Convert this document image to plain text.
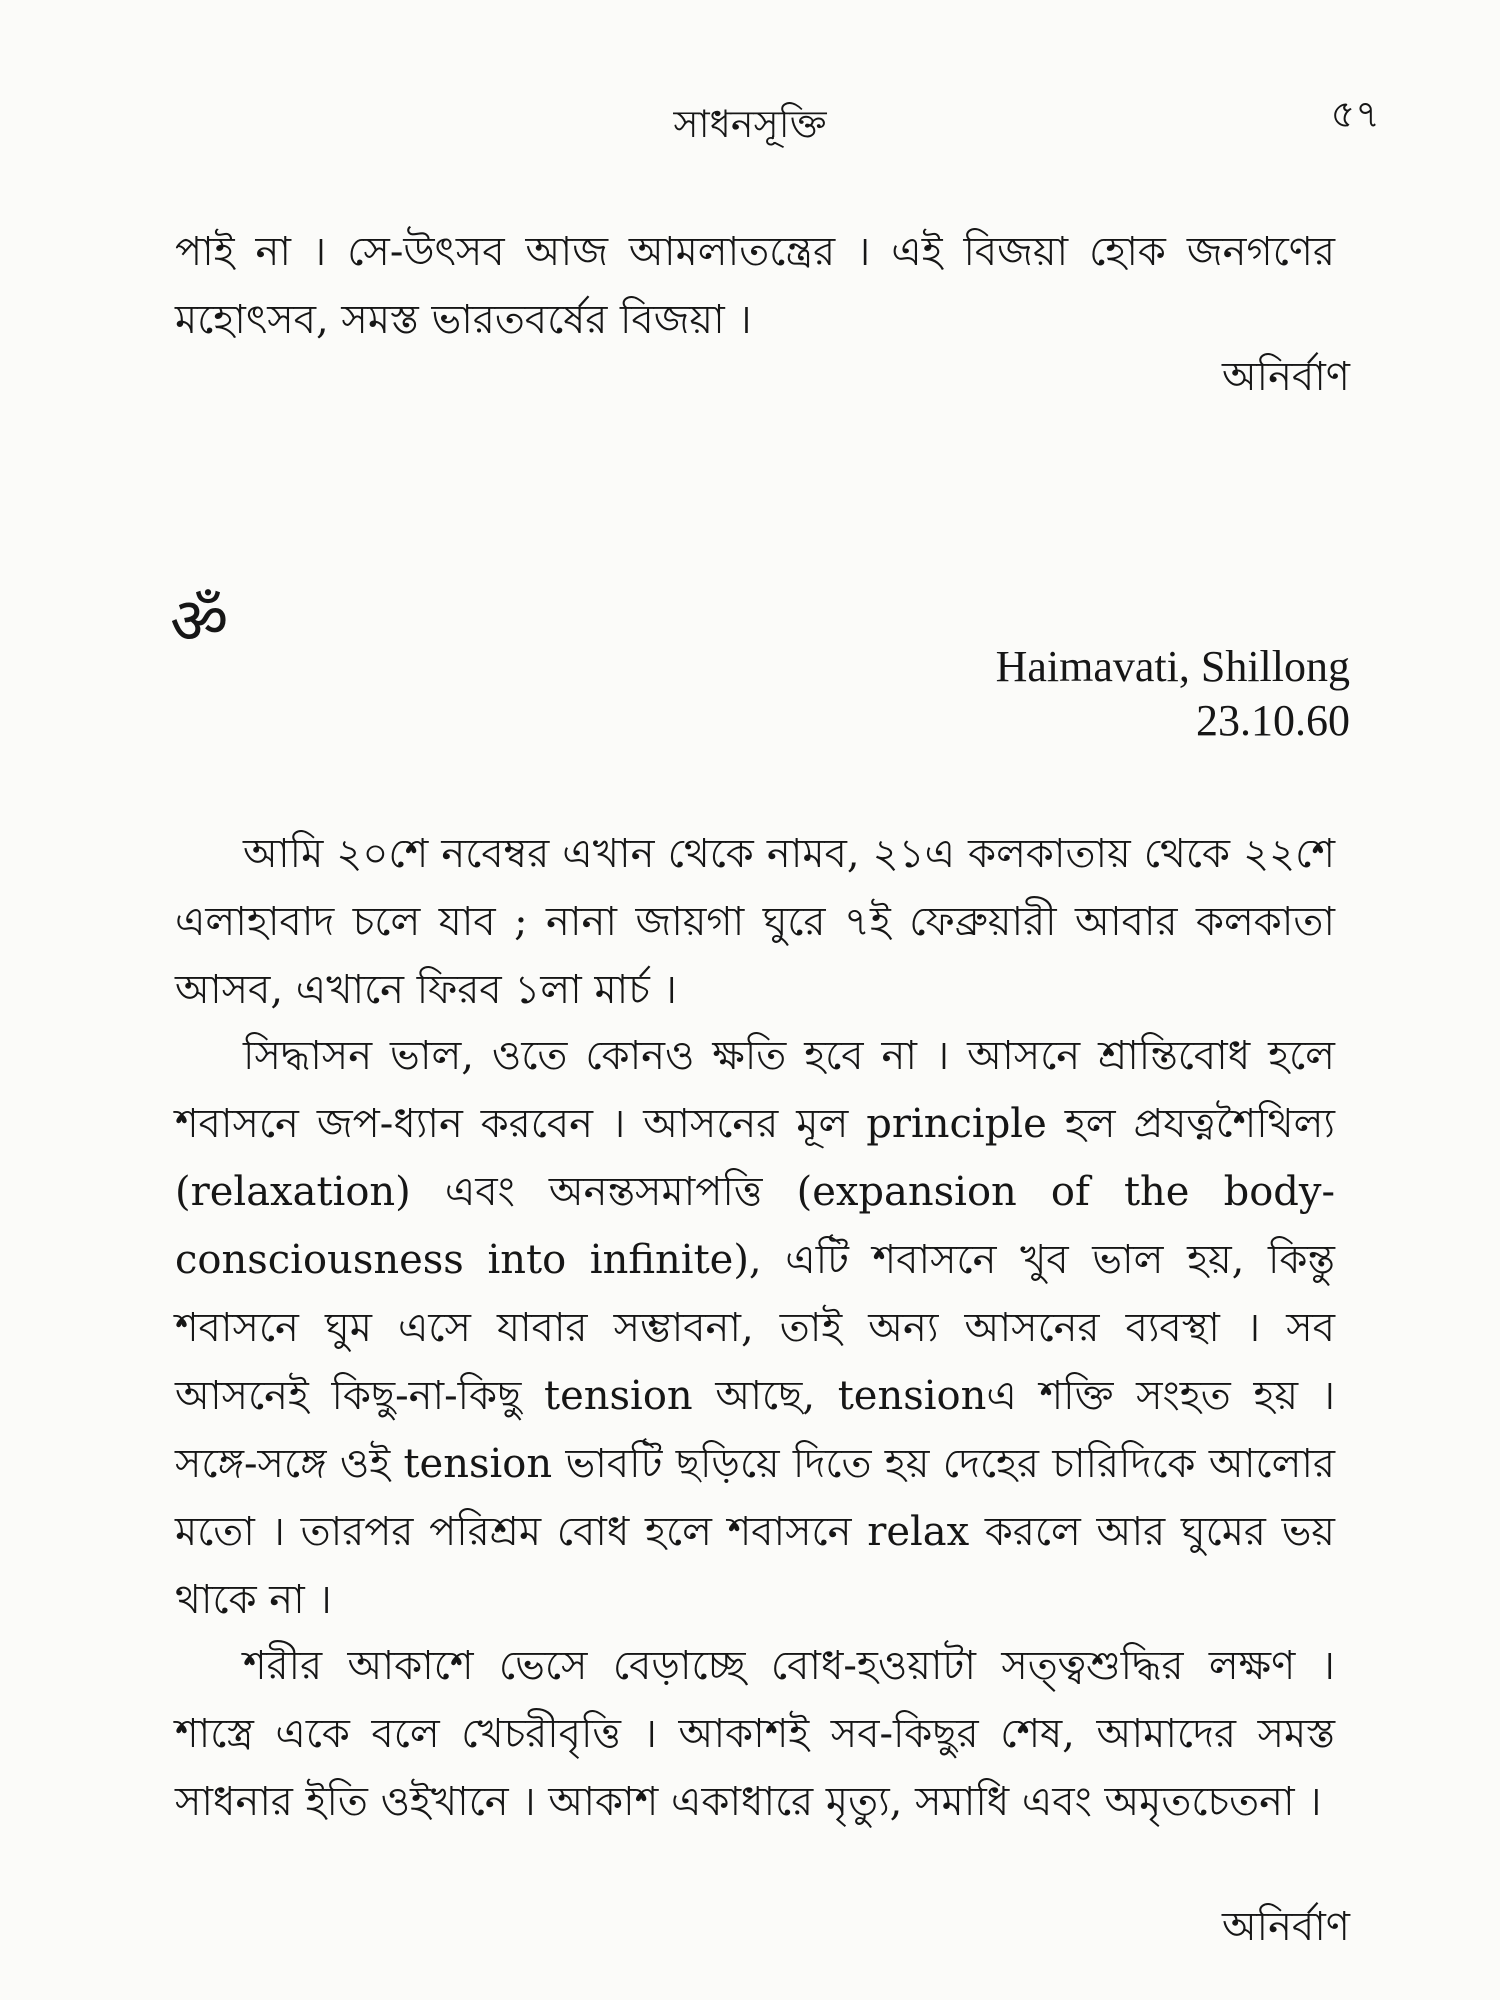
সাধনসূক্তি	৫৭

পাই না । সে-উৎসব আজ আমলাতন্ত্রের । এই বিজয়া হোক জনগণের মহোৎসব, সমস্ত ভারতবর্ষের বিজয়া ।

অনির্বাণ
ॐ
Haimavati, Shillong
23.10.60

আমি ২০শে নবেম্বর এখান থেকে নামব, ২১এ কলকাতায় থেকে ২২শে এলাহাবাদ চলে যাব ; নানা জায়গা ঘুরে ৭ই ফেব্রুয়ারী আবার কলকাতা আসব, এখানে ফিরব ১লা মার্চ ।

সিদ্ধাসন ভাল, ওতে কোনও ক্ষতি হবে না । আসনে শ্রান্তিবোধ হলে শবাসনে জপ-ধ্যান করবেন । আসনের মূল principle হল প্রযত্নশৈথিল্য (relaxation) এবং অনন্তসমাপত্তি (expansion of the body-consciousness into infinite), এটি শবাসনে খুব ভাল হয়, কিন্তু শবাসনে ঘুম এসে যাবার সম্ভাবনা, তাই অন্য আসনের ব্যবস্থা । সব আসনেই কিছু-না-কিছু tension আছে, tensionএ শক্তি সংহত হয় । সঙ্গে-সঙ্গে ওই tension ভাবটি ছড়িয়ে দিতে হয় দেহের চারিদিকে আলোর মতো । তারপর পরিশ্রম বোধ হলে শবাসনে relax করলে আর ঘুমের ভয় থাকে না ।

শরীর আকাশে ভেসে বেড়াচ্ছে বোধ-হওয়াটা সত্ত্বশুদ্ধির লক্ষণ । শাস্ত্রে একে বলে খেচরীবৃত্তি । আকাশই সব-কিছুর শেষ, আমাদের সমস্ত সাধনার ইতি ওইখানে । আকাশ একাধারে মৃত্যু, সমাধি এবং অমৃতচেতনা ।

অনির্বাণ
